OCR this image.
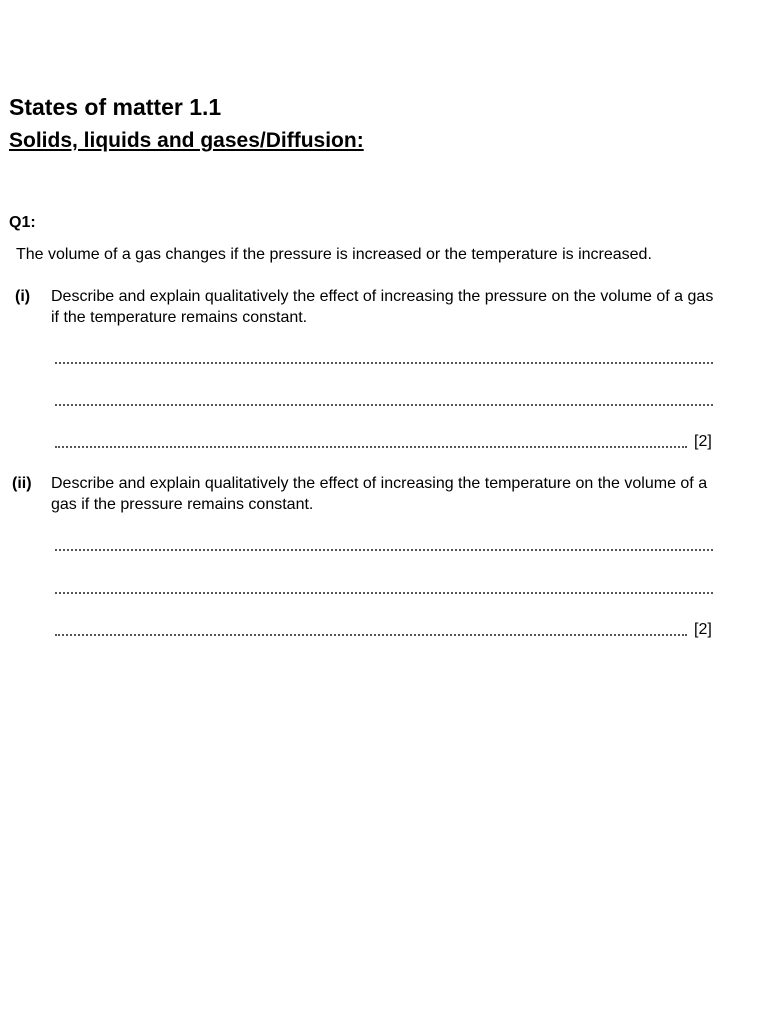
States of matter 1.1
Solids, liquids and gases/Diffusion:
Q1:
The volume of a gas changes if the pressure is increased or the temperature is increased.
(i) Describe and explain qualitatively the effect of increasing the pressure on the volume of a gas if the temperature remains constant.
[2]
(ii) Describe and explain qualitatively the effect of increasing the temperature on the volume of a gas if the pressure remains constant.
[2]
